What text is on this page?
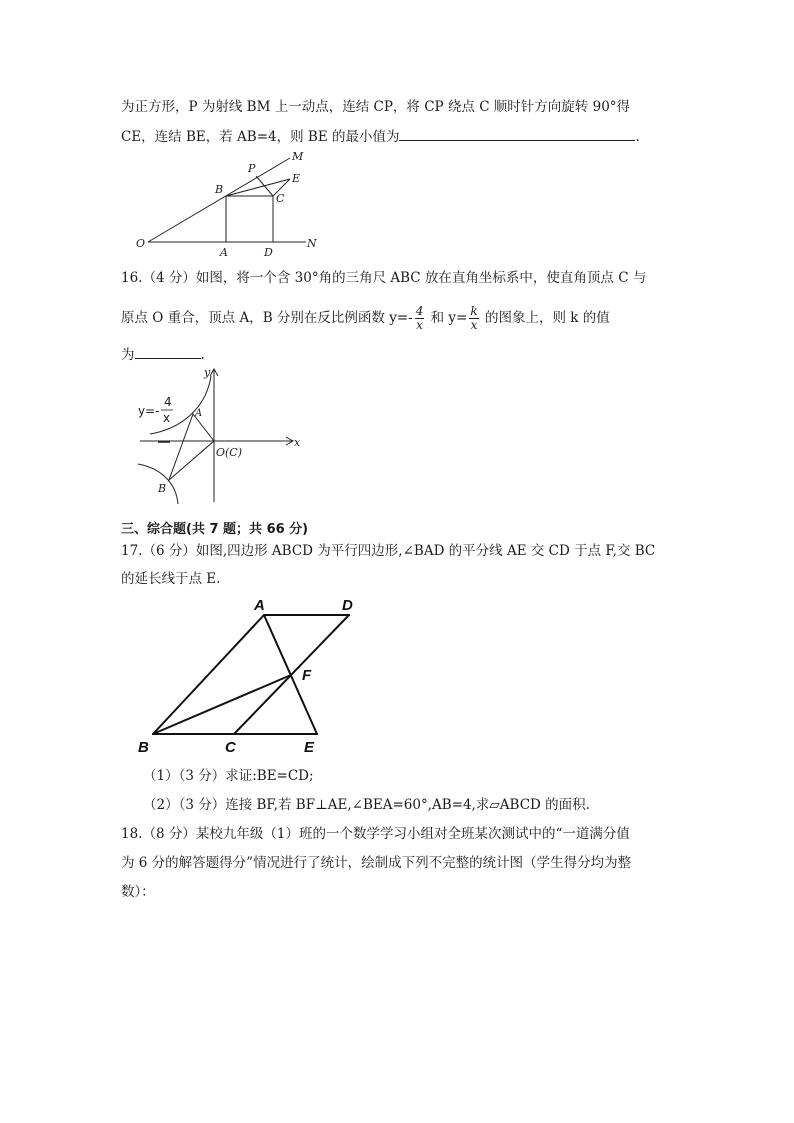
为正方形，P 为射线 BM 上一动点，连结 CP，将 CP 绕点 C 顺时针方向旋转 90°得
CE，连结 BE，若 AB=4，则 BE 的最小值为	.
M
P
E
B
C
O
A	D
N
16.（4 分）如图，将一个含 30°角的三角尺 ABC 放在直角坐标系中，使直角顶点 C 与
原点 O 重合，顶点 A，B 分别在反比例函数 $y=- \frac{4}{x}$ 和 $y= \frac{k}{x}$ 的图象上，则 k 的值
为	.
y
x
y=-
4
x A
O(C)
B
三、综合题(共 7 题；共 66 分)
17.（6 分）如图,四边形 ABCD 为平行四边形,∠BAD 的平分线 AE 交 CD 于点 F,交 BC
的延长线于点 E.
A	D
F
B	C	E
（1）（3 分）求证:BE=CD;
（2）（3 分）连接 BF,若 BF⊥AE,∠BEA=60°,AB=4,求▱ABCD 的面积.
18.（8 分）某校九年级（1）班的一个数学学习小组对全班某次测试中的“一道满分值
为 6 分的解答题得分”情况进行了统计，绘制成下列不完整的统计图（学生得分均为整
数）：
